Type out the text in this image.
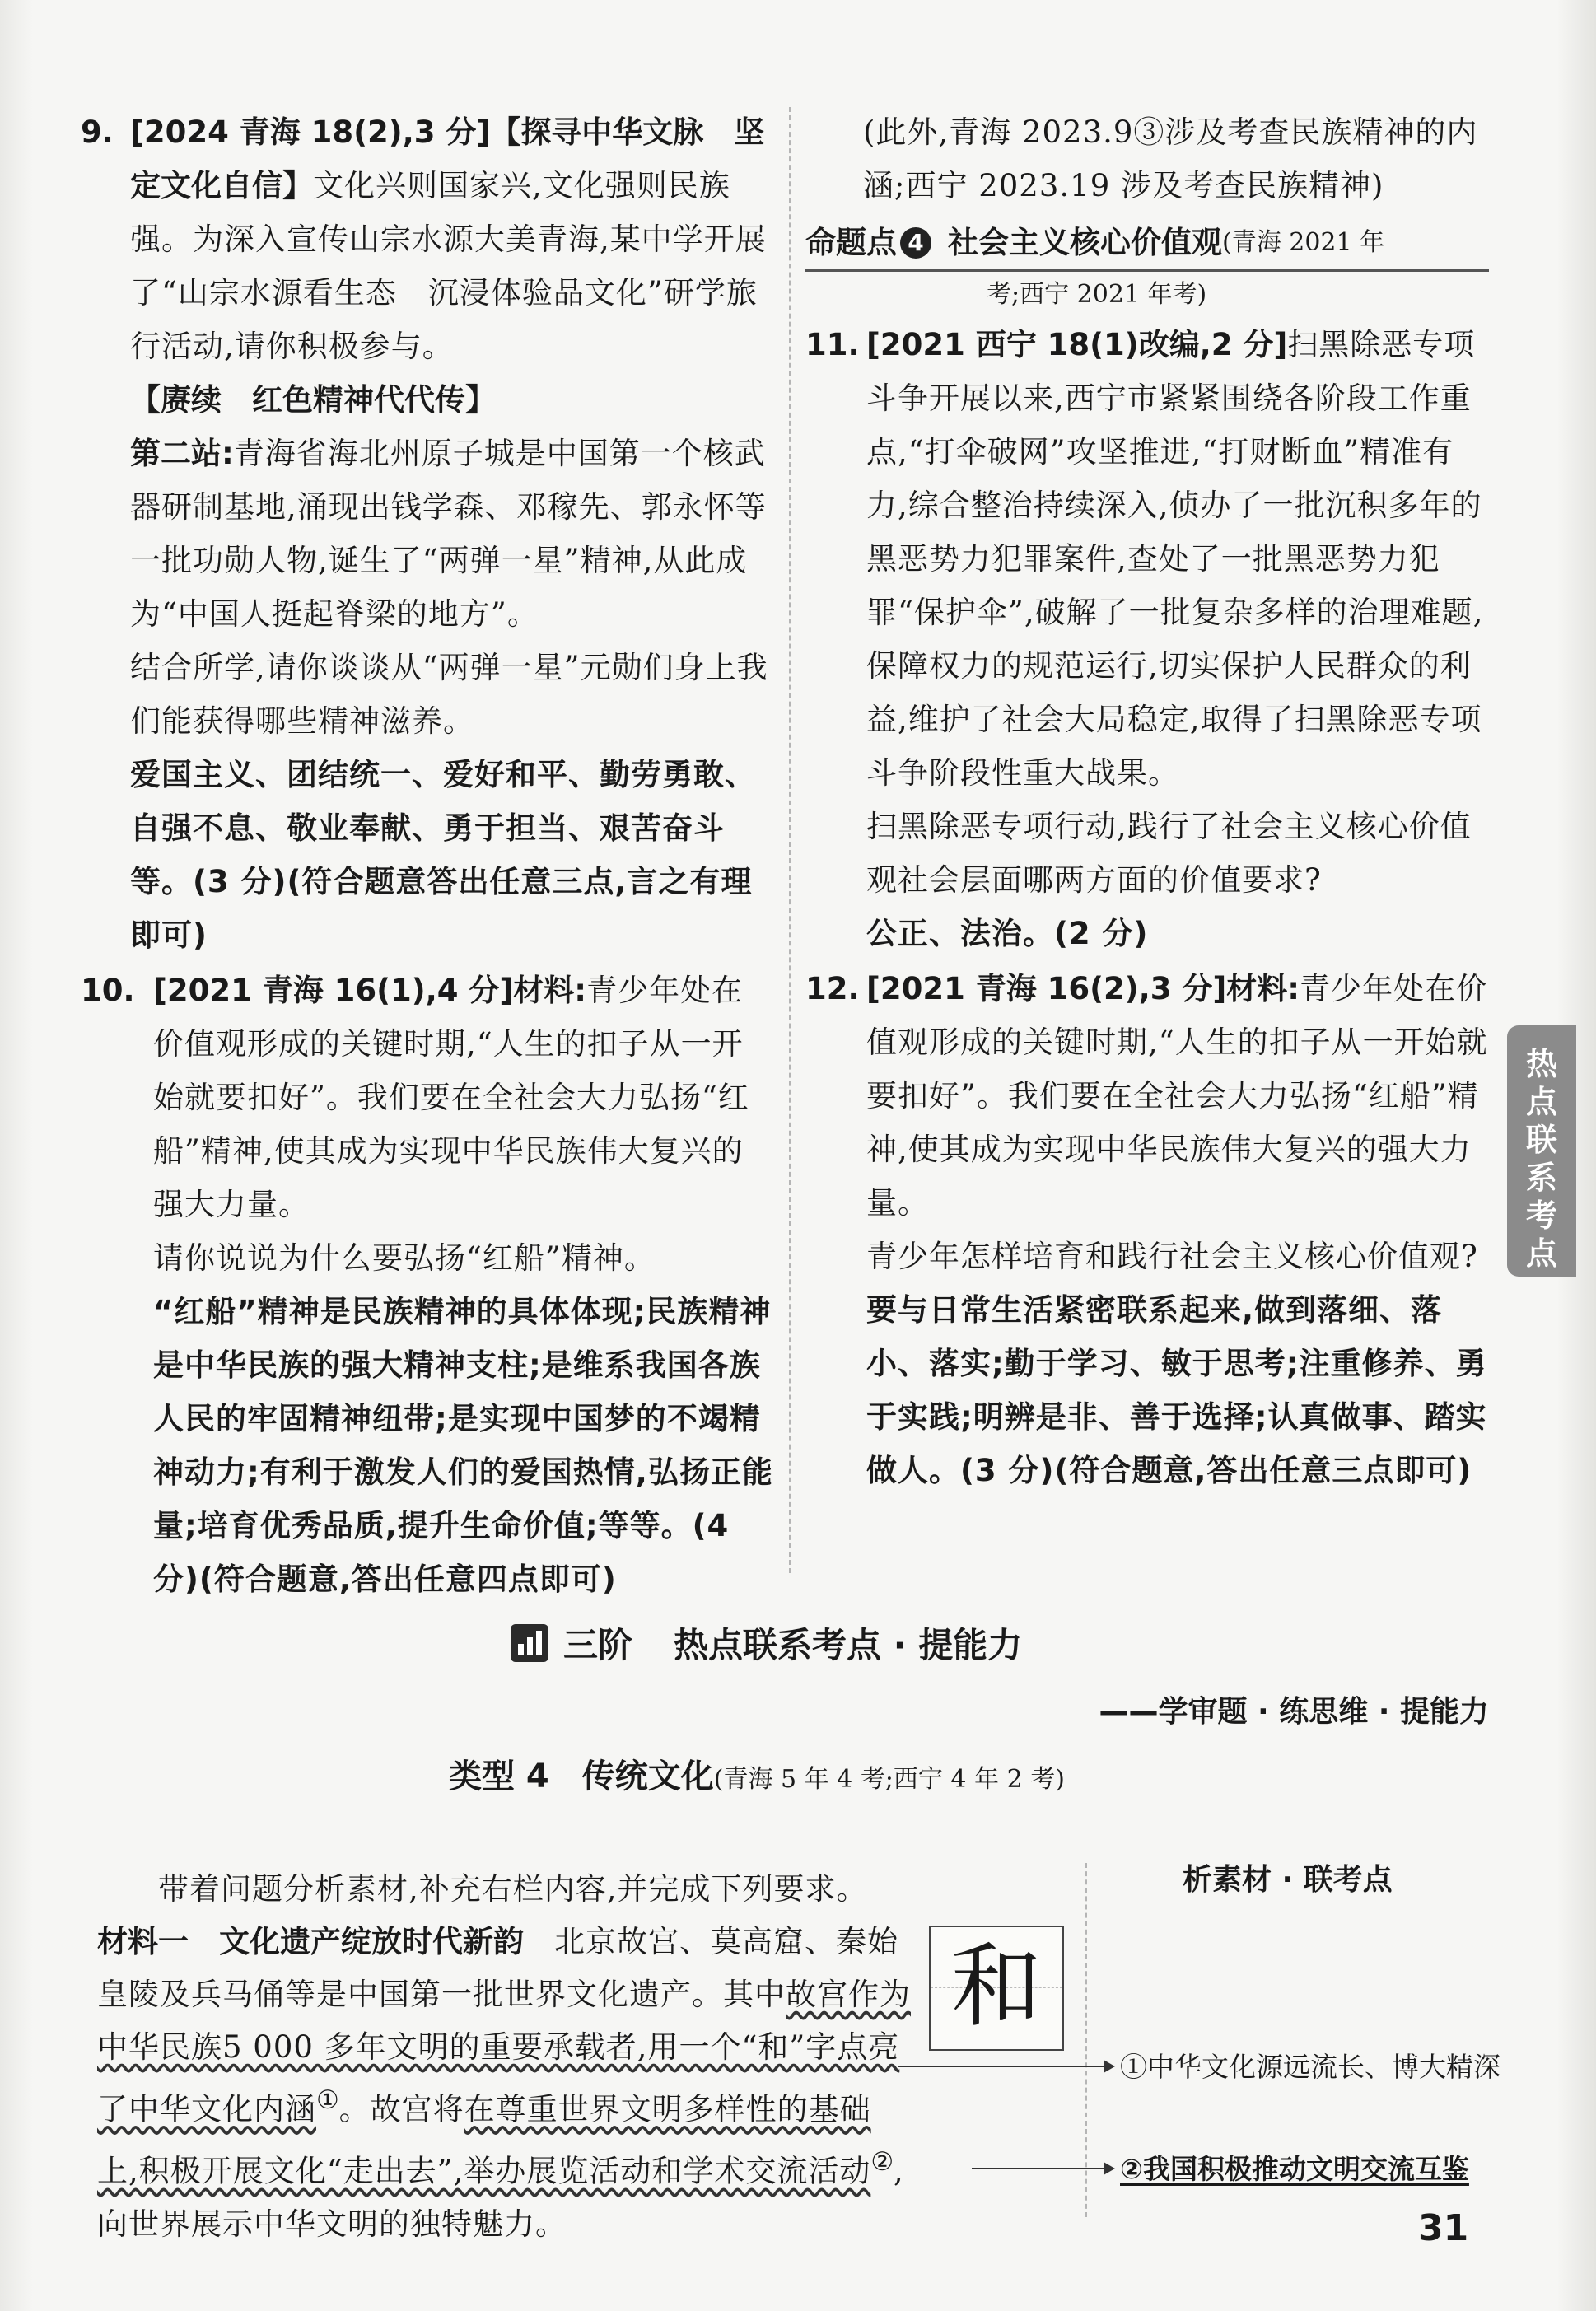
9. [2024 青海 18(2),3 分]【探寻中华文脉　坚定文化自信】文化兴则国家兴,文化强则民族强。为深入宣传山宗水源大美青海,某中学开展了“山宗水源看生态　沉浸体验品文化”研学旅行活动,请你积极参与。
【赓续　红色精神代代传】
第二站:青海省海北州原子城是中国第一个核武器研制基地,涌现出钱学森、邓稼先、郭永怀等一批功勋人物,诞生了“两弹一星”精神,从此成为“中国人挺起脊梁的地方”。
结合所学,请你谈谈从“两弹一星”元勋们身上我们能获得哪些精神滋养。
爱国主义、团结统一、爱好和平、勤劳勇敢、自强不息、敬业奉献、勇于担当、艰苦奋斗等。(3 分)(符合题意答出任意三点,言之有理即可)
10. [2021 青海 16(1),4 分]材料:青少年处在价值观形成的关键时期,“人生的扣子从一开始就要扣好”。我们要在全社会大力弘扬“红船”精神,使其成为实现中华民族伟大复兴的强大力量。
请你说说为什么要弘扬“红船”精神。
“红船”精神是民族精神的具体体现;民族精神是中华民族的强大精神支柱;是维系我国各族人民的牢固精神纽带;是实现中国梦的不竭精神动力;有利于激发人们的爱国热情,弘扬正能量;培育优秀品质,提升生命价值;等等。(4 分)(符合题意,答出任意四点即可)
(此外,青海 2023.9③涉及考查民族精神的内涵;西宁 2023.19 涉及考查民族精神)
命题点 4 社会主义核心价值观 (青海 2021 年
考;西宁 2021 年考)
11. [2021 西宁 18(1)改编,2 分]扫黑除恶专项斗争开展以来,西宁市紧紧围绕各阶段工作重点,“打伞破网”攻坚推进,“打财断血”精准有力,综合整治持续深入,侦办了一批沉积多年的黑恶势力犯罪案件,查处了一批黑恶势力犯罪“保护伞”,破解了一批复杂多样的治理难题,保障权力的规范运行,切实保护人民群众的利益,维护了社会大局稳定,取得了扫黑除恶专项斗争阶段性重大战果。
扫黑除恶专项行动,践行了社会主义核心价值观社会层面哪两方面的价值要求?
公正、法治。(2 分)
12. [2021 青海 16(2),3 分]材料:青少年处在价值观形成的关键时期,“人生的扣子从一开始就要扣好”。我们要在全社会大力弘扬“红船”精神,使其成为实现中华民族伟大复兴的强大力量。
青少年怎样培育和践行社会主义核心价值观?
要与日常生活紧密联系起来,做到落细、落小、落实;勤于学习、敏于思考;注重修养、勇于实践;明辨是非、善于选择;认真做事、踏实做人。(3 分)(符合题意,答出任意三点即可)
热
点
联
系
考
点
三阶 热点联系考点 · 提能力
——学审题 · 练思维 · 提能力
类型 4　传统文化(青海 5 年 4 考;西宁 4 年 2 考)
带着问题分析素材,补充右栏内容,并完成下列要求。
材料一　文化遗产绽放时代新韵　 北京故宫、莫高窟、秦始皇陵及兵马俑等是中国第一批世界文化遗产。其中故宫作为中华民族5 000 多年文明的重要承载者,用一个“和”字点亮了中华文化内涵①。故宫将在尊重世界文明多样性的基础上,积极开展文化“走出去”,举办展览活动和学术交流活动②,向世界展示中华文明的独特魅力。
和
析素材 · 联考点
①中华文化源远流长、博大精深
②我国积极推动文明交流互鉴
31
